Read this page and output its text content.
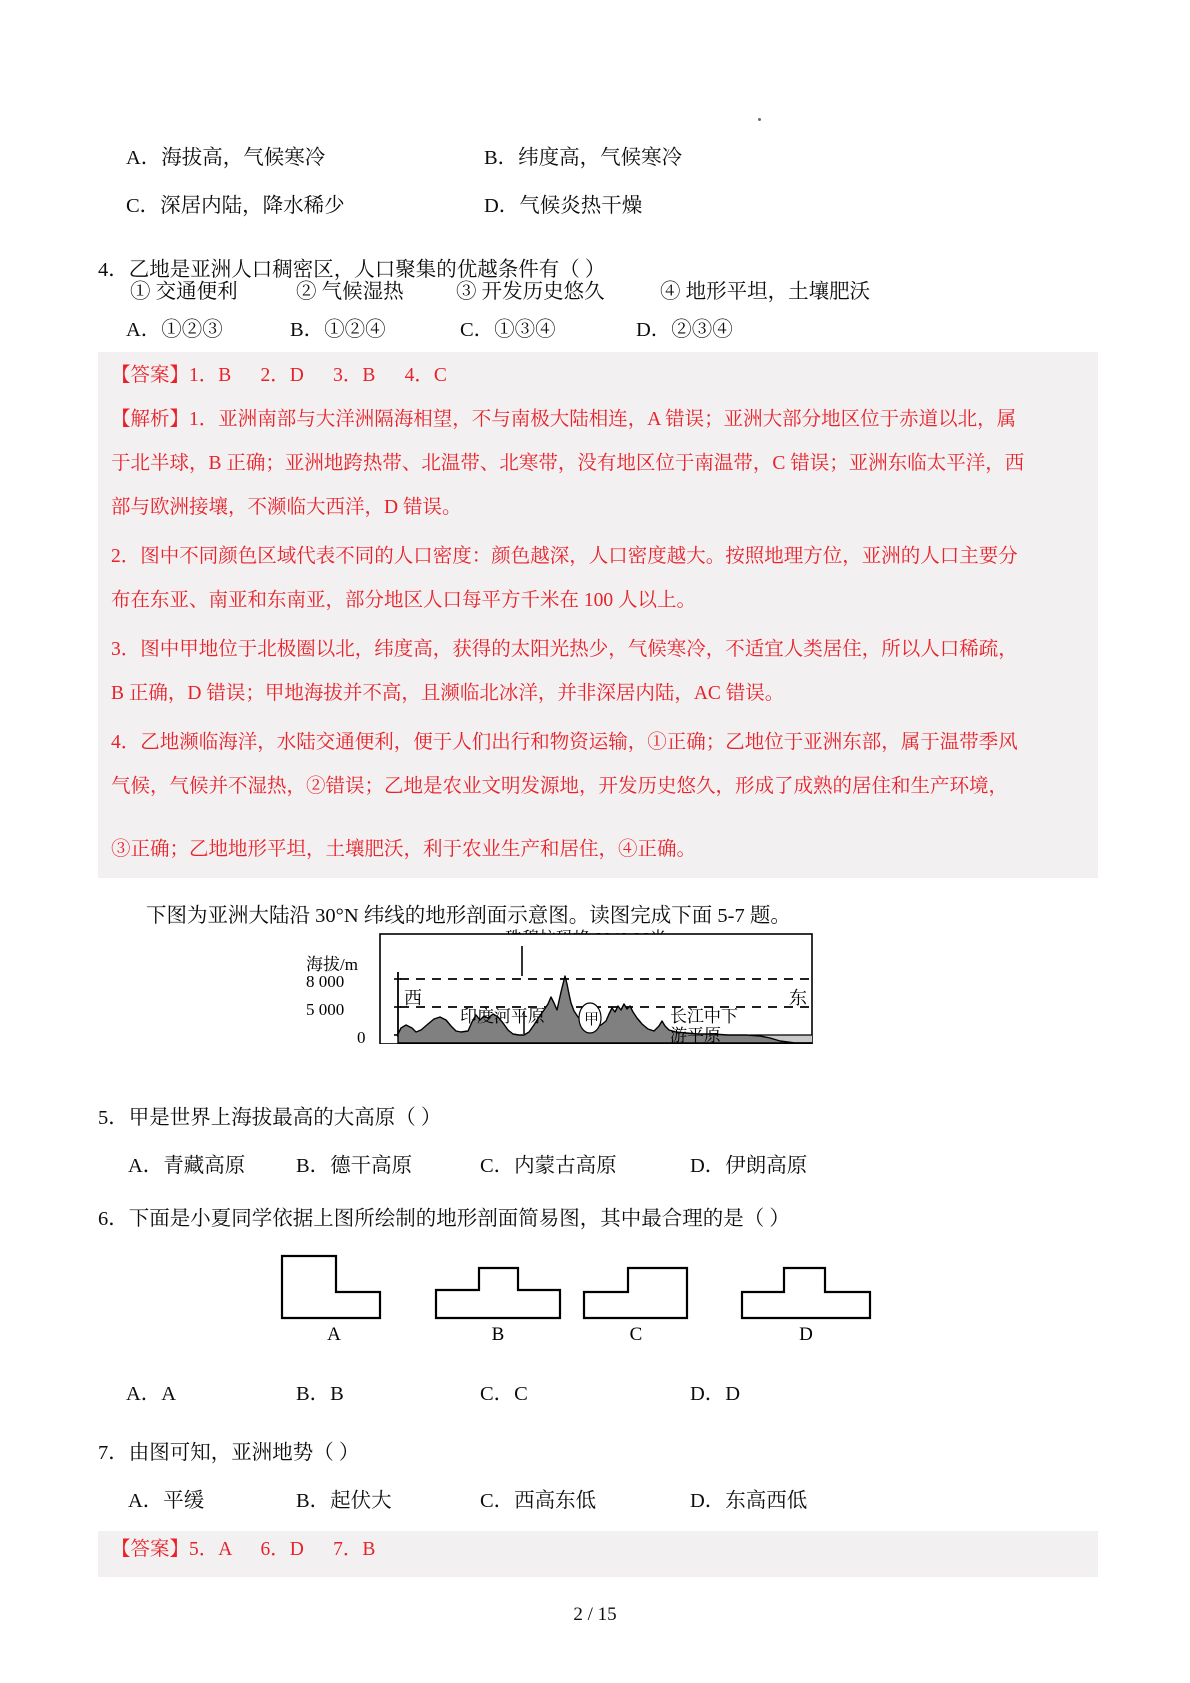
A．海拔高，气候寒冷	B．纬度高，气候寒冷
C．深居内陆，降水稀少	D．气候炎热干燥
4．乙地是亚洲人口稠密区，人口聚集的优越条件有（ ）
① 交通便利	② 气候湿热	③ 开发历史悠久	④ 地形平坦，土壤肥沃
A．①②③	B．①②④	C．①③④	D．②③④
【答案】1．B 　 2．D 　 3．B 　 4．C
【解析】1．亚洲南部与大洋洲隔海相望，不与南极大陆相连，A 错误；亚洲大部分地区位于赤道以北，属
于北半球，B 正确；亚洲地跨热带、北温带、北寒带，没有地区位于南温带，C 错误；亚洲东临太平洋，西
部与欧洲接壤，不濒临大西洋，D 错误。
2．图中不同颜色区域代表不同的人口密度：颜色越深，人口密度越大。按照地理方位，亚洲的人口主要分
布在东亚、南亚和东南亚，部分地区人口每平方千米在 100 人以上。
3．图中甲地位于北极圈以北，纬度高，获得的太阳光热少，气候寒冷，不适宜人类居住，所以人口稀疏，
B 正确，D 错误；甲地海拔并不高，且濒临北冰洋，并非深居内陆，AC 错误。
4．乙地濒临海洋，水陆交通便利，便于人们出行和物资运输，①正确；乙地位于亚洲东部，属于温带季风
气候，气候并不湿热，②错误；乙地是农业文明发源地，开发历史悠久，形成了成熟的居住和生产环境，
③正确；乙地地形平坦，土壤肥沃，利于农业生产和居住，④正确。
下图为亚洲大陆沿 30°N 纬线的地形剖面示意图。读图完成下面 5-7 题。
海拔/m
8 000
5 000
0
西	东
印度河平原	甲	长江中下
游平原
5．甲是世界上海拔最高的大高原（ ）
A．青藏高原 B．德干高原	C．内蒙古高原	D．伊朗高原
6．下面是小夏同学依据上图所绘制的地形剖面简易图，其中最合理的是（ ）
A	B	C	D
A．A	B．B	C．C	D．D
7．由图可知，亚洲地势（ ）
A．平缓	B．起伏大	C．西高东低	D．东高西低
【答案】5．A 　 6．D 　 7．B
2 / 15
